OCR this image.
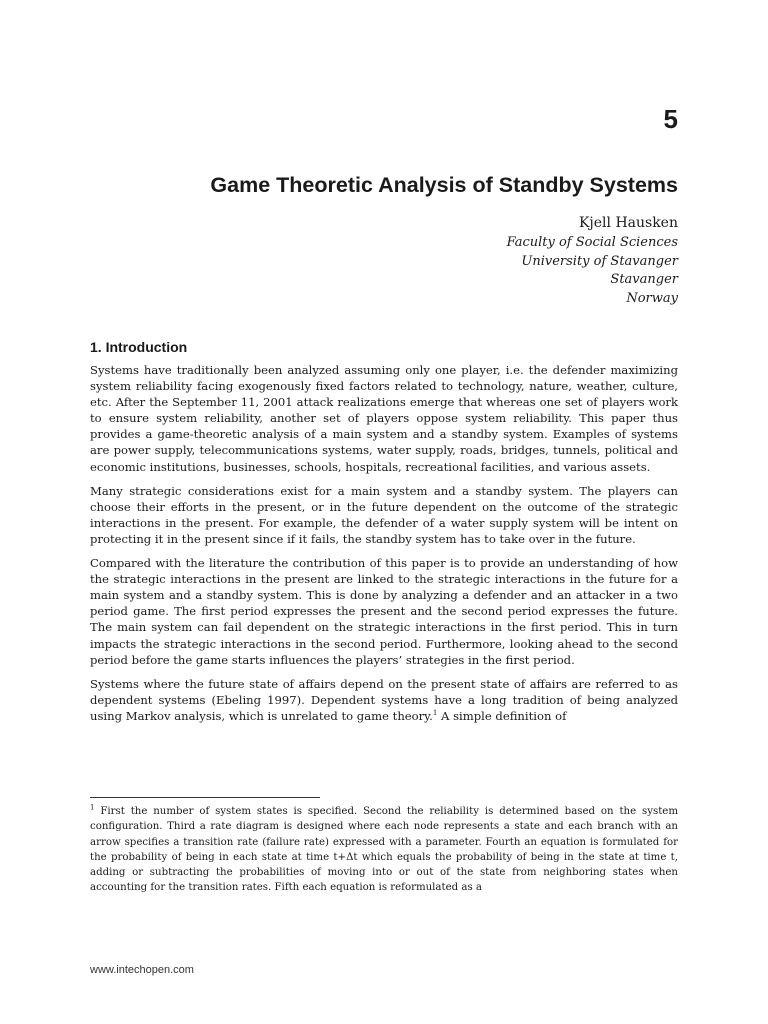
5
Game Theoretic Analysis of Standby Systems
Kjell Hausken
Faculty of Social Sciences
University of Stavanger
Stavanger
Norway
1. Introduction

Systems have traditionally been analyzed assuming only one player, i.e. the defender maximizing system reliability facing exogenously fixed factors related to technology, nature, weather, culture, etc. After the September 11, 2001 attack realizations emerge that whereas one set of players work to ensure system reliability, another set of players oppose system reliability. This paper thus provides a game-theoretic analysis of a main system and a standby system. Examples of systems are power supply, telecommunications systems, water supply, roads, bridges, tunnels, political and economic institutions, businesses, schools, hospitals, recreational facilities, and various assets.

Many strategic considerations exist for a main system and a standby system. The players can choose their efforts in the present, or in the future dependent on the outcome of the strategic interactions in the present. For example, the defender of a water supply system will be intent on protecting it in the present since if it fails, the standby system has to take over in the future.

Compared with the literature the contribution of this paper is to provide an understanding of how the strategic interactions in the present are linked to the strategic interactions in the future for a main system and a standby system. This is done by analyzing a defender and an attacker in a two period game. The first period expresses the present and the second period expresses the future. The main system can fail dependent on the strategic interactions in the first period. This in turn impacts the strategic interactions in the second period. Furthermore, looking ahead to the second period before the game starts influences the players’ strategies in the first period.

Systems where the future state of affairs depend on the present state of affairs are referred to as dependent systems (Ebeling 1997). Dependent systems have a long tradition of being analyzed using Markov analysis, which is unrelated to game theory.$^1$ A simple definition of

$^1$ First the number of system states is specified. Second the reliability is determined based on the system configuration. Third a rate diagram is designed where each node represents a state and each branch with an arrow specifies a transition rate (failure rate) expressed with a parameter. Fourth an equation is formulated for the probability of being in each state at time t+Δt which equals the probability of being in the state at time t, adding or subtracting the probabilities of moving into or out of the state from neighboring states when accounting for the transition rates. Fifth each equation is reformulated as a

www.intechopen.com
